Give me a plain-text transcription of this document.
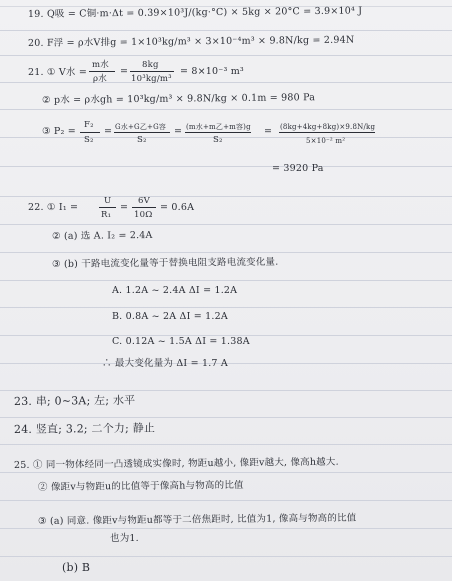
19. Q吸 = C铜·m·Δt = 0.39×10³J/(kg·°C) × 5kg × 20°C = 3.9×10⁴ J
20. F浮 = ρ水V排g = 1×10³kg/m³ × 3×10⁻⁴m³ × 9.8N/kg = 2.94N
21. ① V水 =
m水
ρ水
=
8kg
10³kg/m³
= 8×10⁻³ m³
② p水 = ρ水gh = 10³kg/m³ × 9.8N/kg × 0.1m = 980 Pa
③ P₂ =
F₂
S₂
= G水+G乙+G容
S₂
= (m水+m乙+m容)g
S₂
= (8kg+4kg+8kg)×9.8N/kg
5×10⁻² m²
= 3920 Pa
22. ① I₁ =
U
R₁
=
6V
10Ω
= 0.6A
② (a) 选 A. I₂ = 2.4A
③ (b) 干路电流变化量等于替换电阻支路电流变化量.
A. 1.2A ~ 2.4A ΔI = 1.2A
B. 0.8A ~ 2A ΔI = 1.2A
C. 0.12A ~ 1.5A ΔI = 1.38A
∴ 最大变化量为 ΔI = 1.7 A
23. 串; 0~3A; 左; 水平
24. 竖直; 3.2; 二个力; 静止
25. ① 同一物体经同一凸透镜成实像时, 物距u越小, 像距v越大, 像高h越大.
② 像距v与物距u的比值等于像高h与物高的比值
③ (a) 同意. 像距v与物距u都等于二倍焦距时, 比值为1, 像高与物高的比值
也为1.
(b) B
